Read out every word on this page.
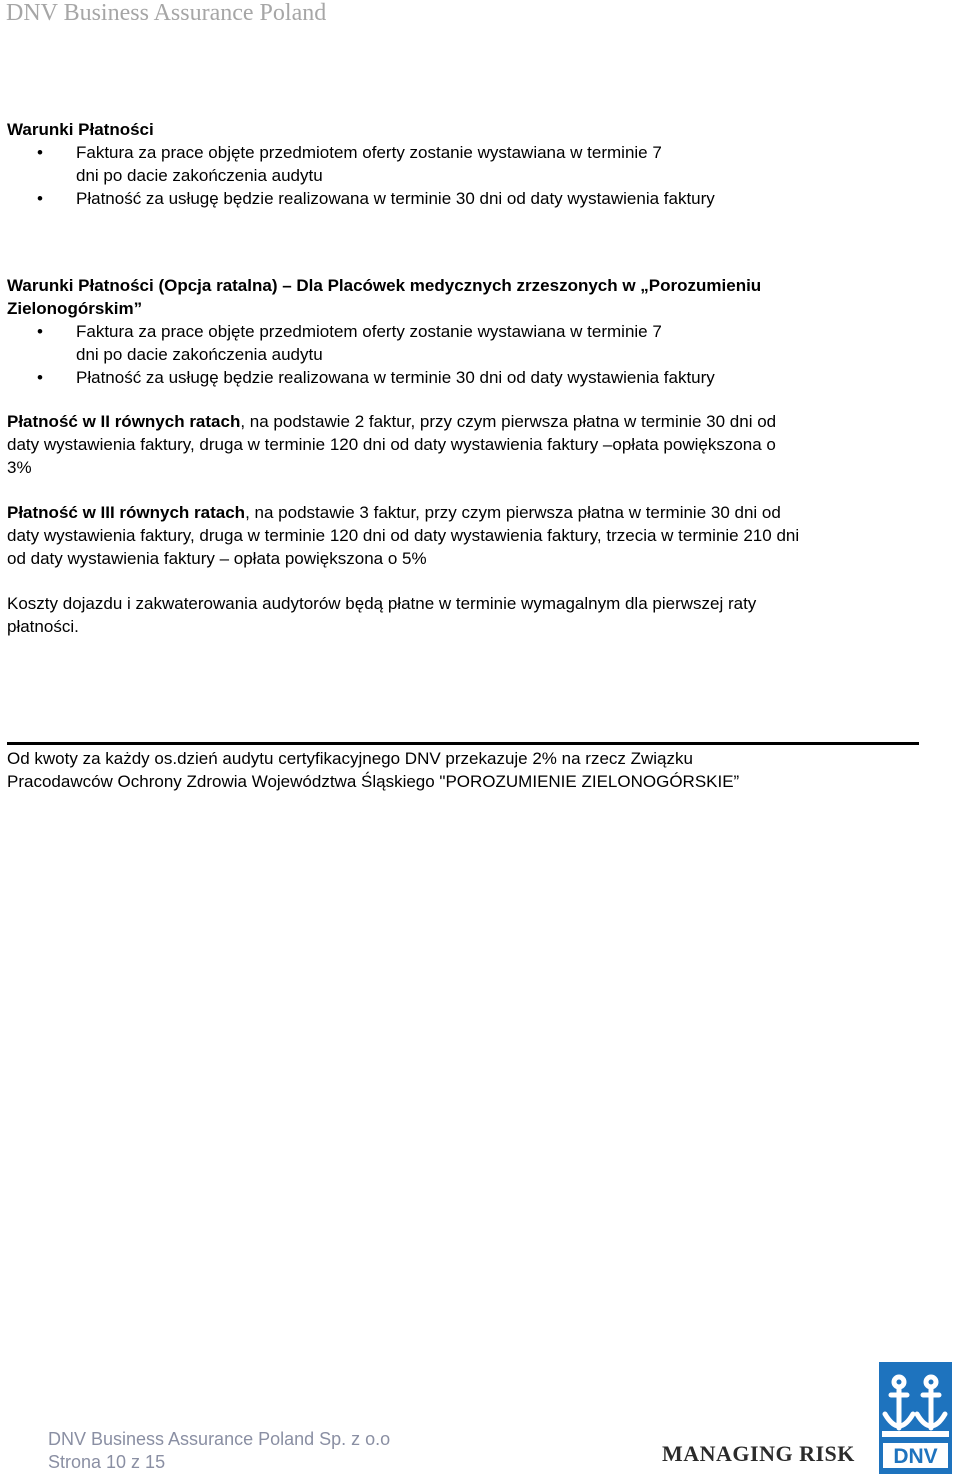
DNV Business Assurance Poland
Warunki Płatności
• Faktura za prace objęte przedmiotem oferty zostanie wystawiana w terminie 7
dni po dacie zakończenia audytu
• Płatność za usługę będzie realizowana w terminie 30 dni od daty wystawienia faktury
Warunki Płatności (Opcja ratalna) – Dla Placówek medycznych zrzeszonych w „Porozumieniu
Zielonogórskim”
• Faktura za prace objęte przedmiotem oferty zostanie wystawiana w terminie 7
dni po dacie zakończenia audytu
• Płatność za usługę będzie realizowana w terminie 30 dni od daty wystawienia faktury
Płatność w II równych ratach, na podstawie 2 faktur, przy czym pierwsza płatna w terminie 30 dni od
daty wystawienia faktury, druga w terminie 120 dni od daty wystawienia faktury –opłata powiększona o
3%
Płatność w III równych ratach, na podstawie 3 faktur, przy czym pierwsza płatna w terminie 30 dni od
daty wystawienia faktury, druga w terminie 120 dni od daty wystawienia faktury, trzecia w terminie 210 dni
od daty wystawienia faktury – opłata powiększona o 5%
Koszty dojazdu i zakwaterowania audytorów będą płatne w terminie wymagalnym dla pierwszej raty
płatności.
Od kwoty za każdy os.dzień audytu certyfikacyjnego DNV przekazuje 2% na rzecz Związku
Pracodawców Ochrony Zdrowia Województwa Śląskiego "POROZUMIENIE ZIELONOGÓRSKIE”
DNV Business Assurance Poland Sp. z o.o
Strona 10 z 15	MANAGING RISK DNV
